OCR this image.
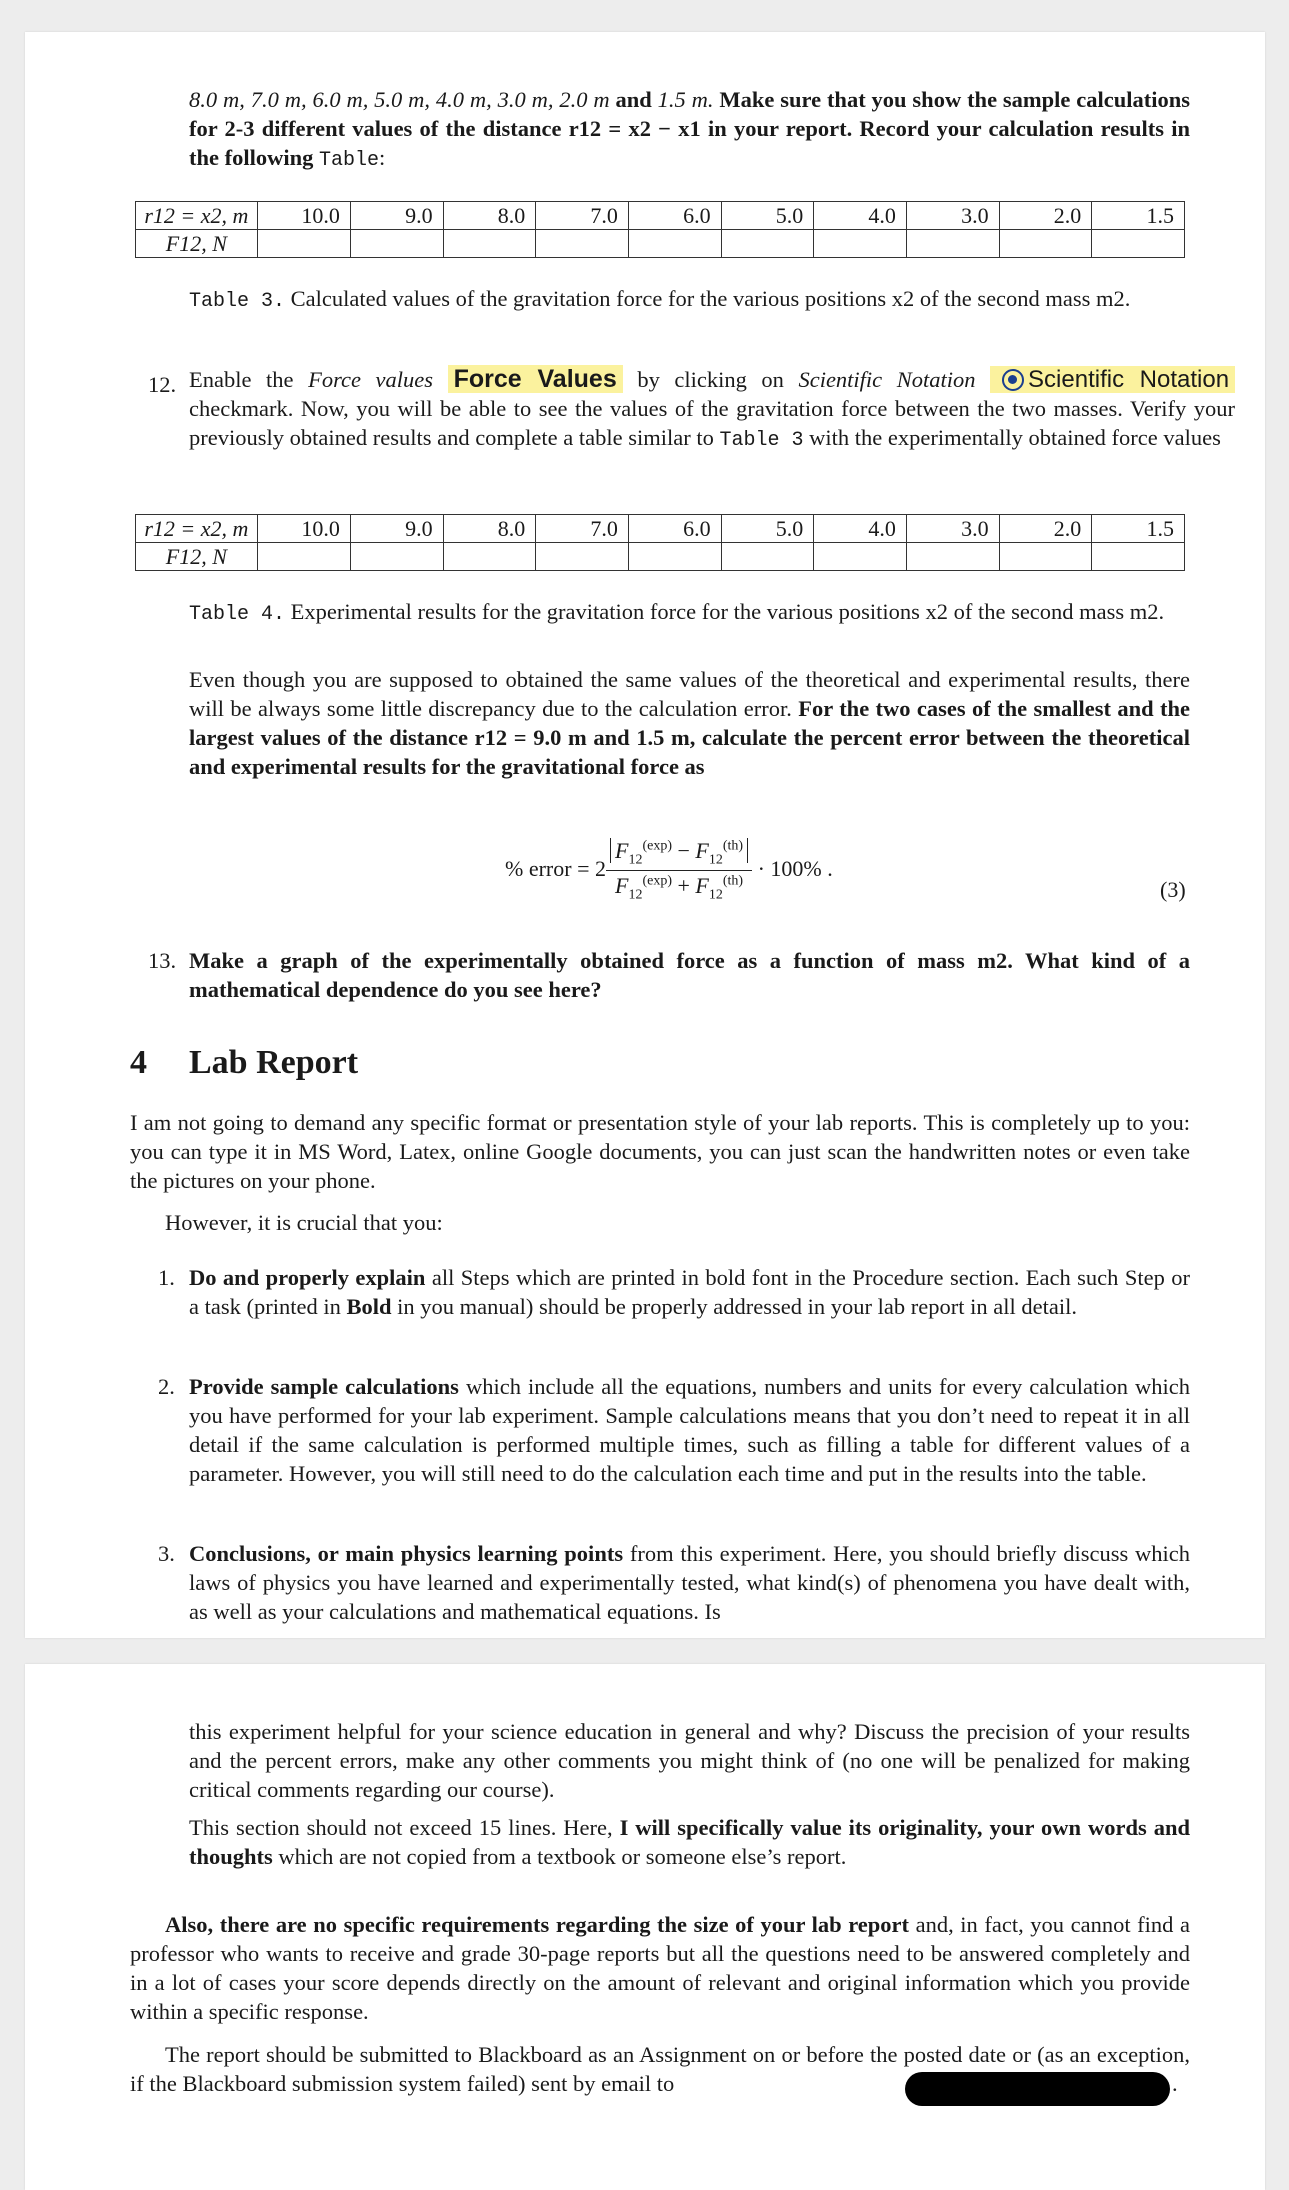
8.0 m, 7.0 m, 6.0 m, 5.0 m, 4.0 m, 3.0 m, 2.0 m and 1.5 m. Make sure that you show the sample calculations for 2-3 different values of the distance r12 = x2 − x1 in your report. Record your calculation results in the following Table:

r12 = x2, m	10.0	9.0	8.0	7.0	6.0	5.0	4.0	3.0	2.0	1.5
F12, N										

Table 3. Calculated values of the gravitation force for the various positions x2 of the second mass m2.

12. Enable the Force values Force Values by clicking on Scientific Notation Scientific Notation checkmark. Now, you will be able to see the values of the gravitation force between the two masses. Verify your previously obtained results and complete a table similar to Table 3 with the experimentally obtained force values

r12 = x2, m	10.0	9.0	8.0	7.0	6.0	5.0	4.0	3.0	2.0	1.5
F12, N										

Table 4. Experimental results for the gravitation force for the various positions x2 of the second mass m2.

Even though you are supposed to obtained the same values of the theoretical and experimental results, there will be always some little discrepancy due to the calculation error. For the two cases of the smallest and the largest values of the distance r12 = 9.0 m and 1.5 m, calculate the percent error between the theoretical and experimental results for the gravitational force as

% error = $2 \frac{F_{12}^{(exp)} - F_{12}^{(th)}}{F_{12}^{(exp)} + F_{12}^{(th)}} \cdot 100\%$ .
(3)
13. Make a graph of the experimentally obtained force as a function of mass m2. What kind of a mathematical dependence do you see here?

4 Lab Report

I am not going to demand any specific format or presentation style of your lab reports. This is completely up to you: you can type it in MS Word, Latex, online Google documents, you can just scan the handwritten notes or even take the pictures on your phone.

However, it is crucial that you:

1. Do and properly explain all Steps which are printed in bold font in the Procedure section. Each such Step or a task (printed in Bold in you manual) should be properly addressed in your lab report in all detail.

2. Provide sample calculations which include all the equations, numbers and units for every calculation which you have performed for your lab experiment. Sample calculations means that you don’t need to repeat it in all detail if the same calculation is performed multiple times, such as filling a table for different values of a parameter. However, you will still need to do the calculation each time and put in the results into the table.

3. Conclusions, or main physics learning points from this experiment. Here, you should briefly discuss which laws of physics you have learned and experimentally tested, what kind(s) of phenomena you have dealt with, as well as your calculations and mathematical equations. Is

this experiment helpful for your science education in general and why? Discuss the precision of your results and the percent errors, make any other comments you might think of (no one will be penalized for making critical comments regarding our course).

This section should not exceed 15 lines. Here, I will specifically value its originality, your own words and thoughts which are not copied from a textbook or someone else’s report.

Also, there are no specific requirements regarding the size of your lab report and, in fact, you cannot find a professor who wants to receive and grade 30-page reports but all the questions need to be answered completely and in a lot of cases your score depends directly on the amount of relevant and original information which you provide within a specific response.

The report should be submitted to Blackboard as an Assignment on or before the posted date or (as an exception, if the Blackboard submission system failed) sent by email to	.
